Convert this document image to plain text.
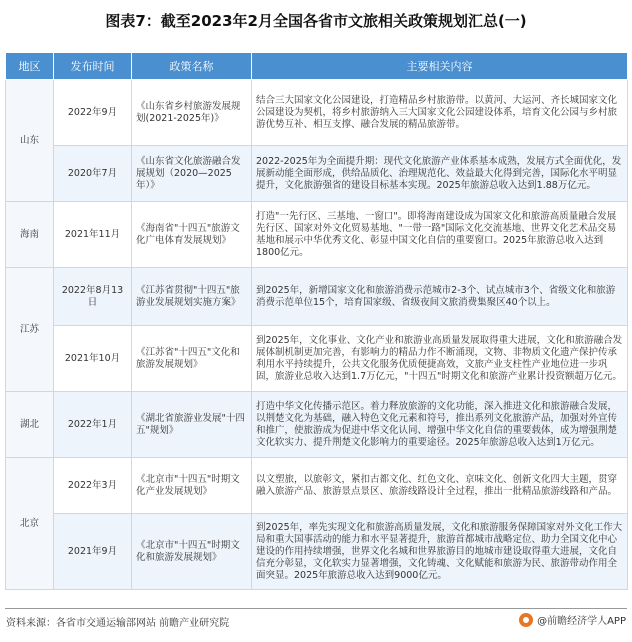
图表7：截至2023年2月全国各省市文旅相关政策规划汇总(一)
地区	发布时间	政策名称	主要相关内容
山东	2022年9月	《山东省乡村旅游发展规划(2021-2025年)》	结合三大国家文化公园建设，打造精品乡村旅游带。以黄河、大运河、齐长城国家文化公园建设为契机，将乡村旅游纳入三大国家文化公园建设体系，培育文化公园与乡村旅游优势互补、相互支撑、融合发展的精品旅游带。
	2020年7月	《山东省文化旅游融合发展规划（2020—2025年）》	2022-2025年为全面提升期：现代文化旅游产业体系基本成熟，发展方式全面优化，发展新动能全面形成，供给品质化、治理规范化、效益最大化得到完善，国际化水平明显提升，文化旅游强省的建设目标基本实现。2025年旅游总收入达到1.88万亿元。
海南	2021年11月	《海南省"十四五"旅游文化广电体育发展规划》	打造"一先行区、三基地、一窗口"。即将海南建设成为国家文化和旅游高质量融合发展先行区、国家对外文化贸易基地、"一带一路"国际文化交流基地、世界文化艺术品交易基地和展示中华优秀文化、彰显中国文化自信的重要窗口。2025年旅游总收入达到1800亿元。
江苏	2022年8月13日	《江苏省贯彻"十四五"旅游业发展规划实施方案》	到2025年，新增国家文化和旅游消费示范城市2-3个、试点城市3个、省级文化和旅游消费示范单位15个，培育国家级、省级夜间文旅消费集聚区40个以上。
	2021年10月	《江苏省"十四五"文化和旅游发展规划》	到2025年，文化事业、文化产业和旅游业高质量发展取得重大进展，文化和旅游融合发展体制机制更加完善，有影响力的精品力作不断涌现，文物、非物质文化遗产保护传承利用水平持续提升，公共文化服务优质便捷高效，文旅产业支柱性产业地位进一步巩固，旅游业总收入达到1.7万亿元，"十四五"时期文化和旅游产业累计投资额超万亿元。
湖北	2022年1月	《湖北省旅游业发展"十四五"规划》	打造中华文化传播示范区。着力释放旅游的文化功能，深入推进文化和旅游融合发展，以荆楚文化为基础，融入特色文化元素和符号，推出系列文化旅游产品，加强对外宣传和推广，使旅游成为促进中华文化认同、增强中华文化自信的重要载体，成为增强荆楚文化软实力、提升荆楚文化影响力的重要途径。2025年旅游总收入达到1万亿元。
北京	2022年3月	《北京市"十四五"时期文化产业发展规划》	以文塑旅，以旅彰文，紧扣古都文化、红色文化、京味文化、创新文化四大主题，贯穿融入旅游产品、旅游景点景区、旅游线路设计全过程，推出一批精品旅游线路和产品。
	2021年9月	《北京市"十四五"时期文化和旅游发展规划》	到2025年，率先实现文化和旅游高质量发展，文化和旅游服务保障国家对外文化工作大局和重大国事活动的能力和水平显著提升，旅游首都城市战略定位、助力全国文化中心建设的作用持续增强，世界文化名城和世界旅游目的地城市建设取得重大进展，文化自信充分彰显，文化软实力显著增强，文化铸魂、文化赋能和旅游为民、旅游带动作用全面突显。2025年旅游总收入达到9000亿元。
资料来源：各省市交通运输部网站 前瞻产业研究院	@前瞻经济学人APP
